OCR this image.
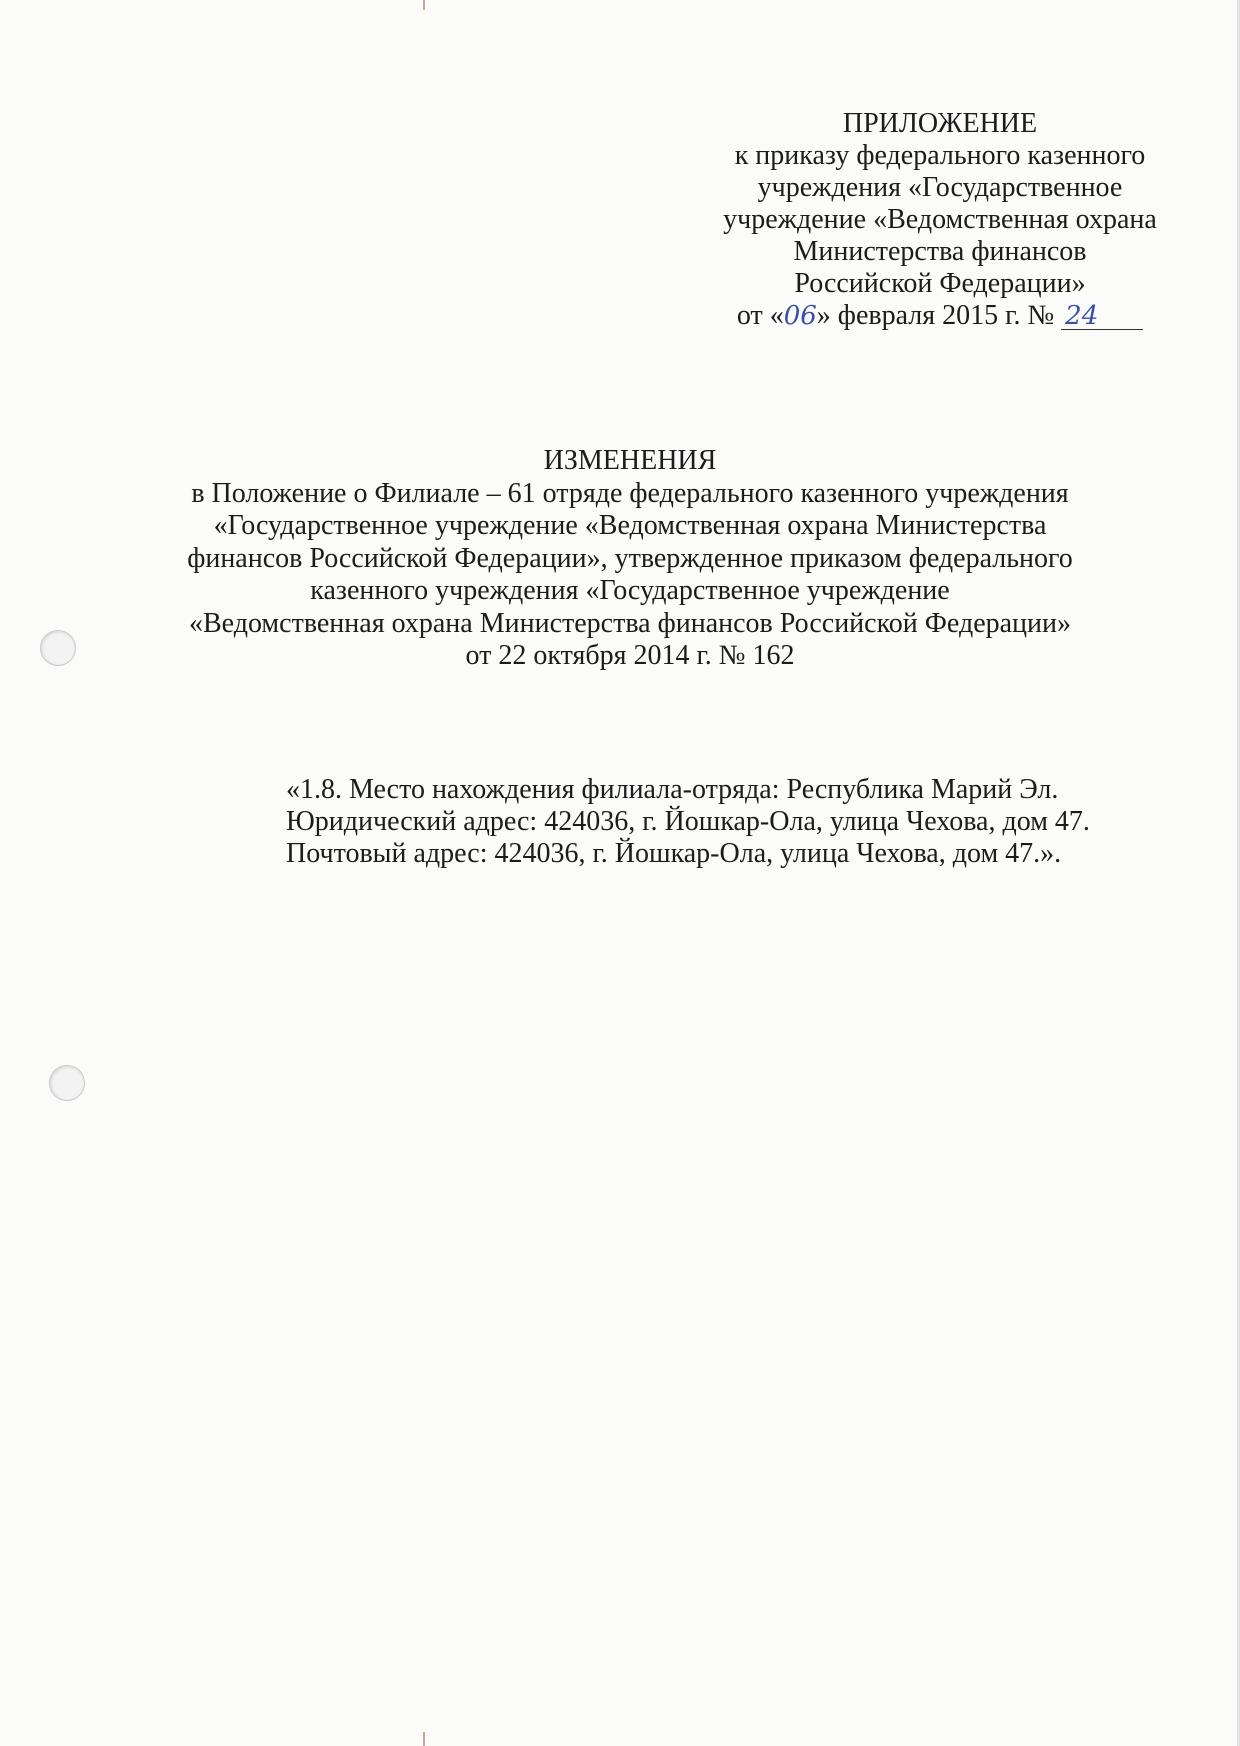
ПРИЛОЖЕНИЕ
к приказу федерального казенного
учреждения «Государственное
учреждение «Ведомственная охрана
Министерства финансов
Российской Федерации»
от «06» февраля 2015 г. № 24
ИЗМЕНЕНИЯ
в Положение о Филиале – 61 отряде федерального казенного учреждения
«Государственное учреждение «Ведомственная охрана Министерства
финансов Российской Федерации», утвержденное приказом федерального
казенного учреждения «Государственное учреждение
«Ведомственная охрана Министерства финансов Российской Федерации»
от 22 октября 2014 г. № 162
«1.8. Место нахождения филиала-отряда: Республика Марий Эл.
Юридический адрес: 424036, г. Йошкар-Ола, улица Чехова, дом 47.
Почтовый адрес: 424036, г. Йошкар-Ола, улица Чехова, дом 47.».
